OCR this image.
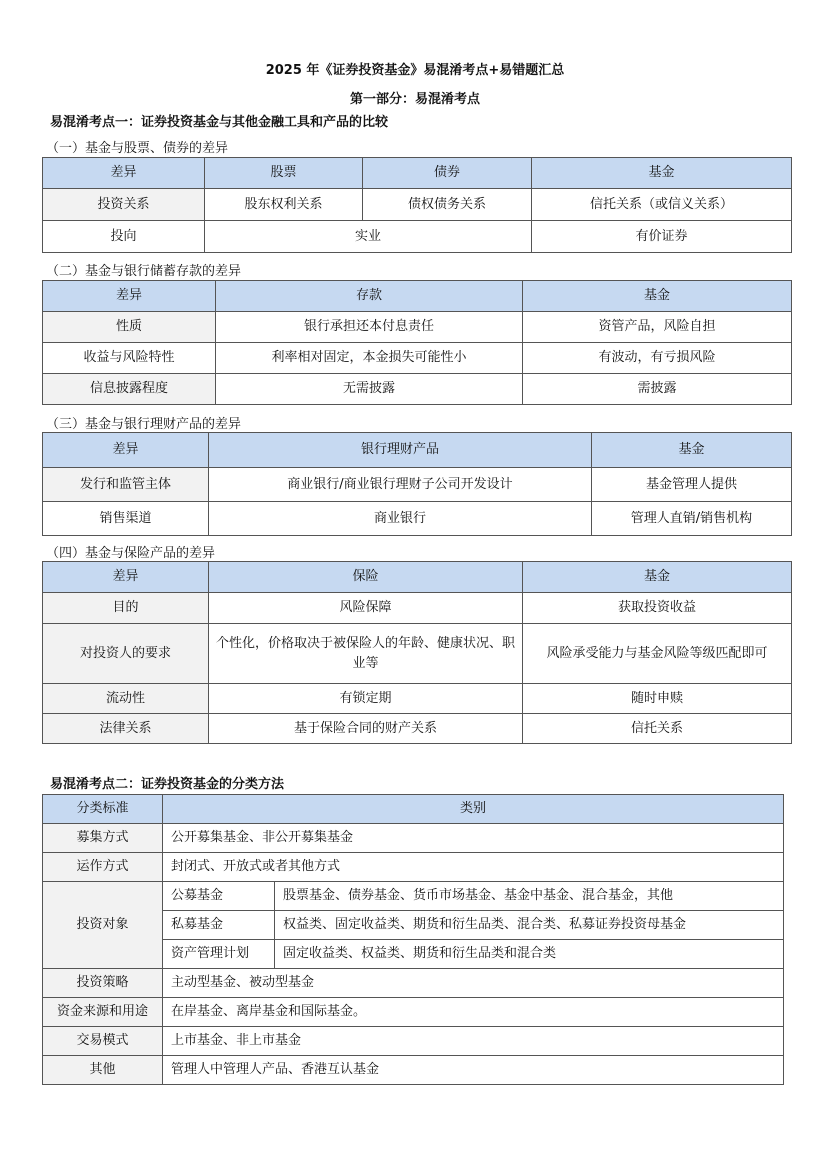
2025 年《证券投资基金》易混淆考点+易错题汇总
第一部分：易混淆考点
易混淆考点一：证券投资基金与其他金融工具和产品的比较
（一）基金与股票、债券的差异
差异	股票	债券	基金
投资关系	股东权利关系	债权债务关系	信托关系（或信义关系）
投向	实业		有价证券
（二）基金与银行储蓄存款的差异
差异	存款	基金
性质	银行承担还本付息责任	资管产品，风险自担
收益与风险特性	利率相对固定，本金损失可能性小	有波动，有亏损风险
信息披露程度	无需披露	需披露
（三）基金与银行理财产品的差异
差异	银行理财产品	基金
发行和监管主体	商业银行/商业银行理财子公司开发设计	基金管理人提供
销售渠道	商业银行	管理人直销/销售机构
（四）基金与保险产品的差异
差异	保险	基金
目的	风险保障	获取投资收益
对投资人的要求	个性化，价格取决于被保险人的年龄、健康状况、职业等	风险承受能力与基金风险等级匹配即可
流动性	有锁定期	随时申赎
法律关系	基于保险合同的财产关系	信托关系
易混淆考点二：证券投资基金的分类方法
分类标准	类别	
募集方式	公开募集基金、非公开募集基金	
运作方式	封闭式、开放式或者其他方式	
投资对象	公募基金	股票基金、债券基金、货币市场基金、基金中基金、混合基金，其他
	私募基金	权益类、固定收益类、期货和衍生品类、混合类、私募证券投资母基金
	资产管理计划	固定收益类、权益类、期货和衍生品类和混合类
投资策略	主动型基金、被动型基金	
资金来源和用途	在岸基金、离岸基金和国际基金。	
交易模式	上市基金、非上市基金	
其他	管理人中管理人产品、香港互认基金	
